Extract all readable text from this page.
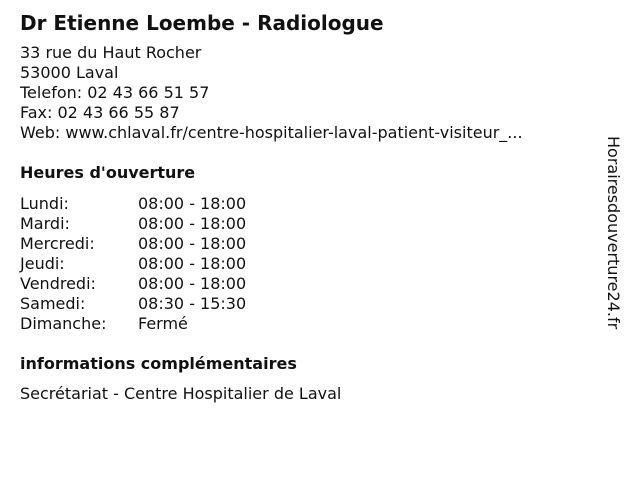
Dr Etienne Loembe - Radiologue
33 rue du Haut Rocher
53000 Laval
Telefon: 02 43 66 51 57
Fax: 02 43 66 55 87
Web: www.chlaval.fr/centre-hospitalier-laval-patient-visiteur_...
Heures d'ouverture
Lundi:	08:00 - 18:00
Mardi:	08:00 - 18:00
Mercredi:	08:00 - 18:00
Jeudi:	08:00 - 18:00
Vendredi:	08:00 - 18:00
Samedi:	08:30 - 15:30
Dimanche: Fermé
informations complémentaires
Secrétariat - Centre Hospitalier de Laval
Horairesdouverture24.fr
